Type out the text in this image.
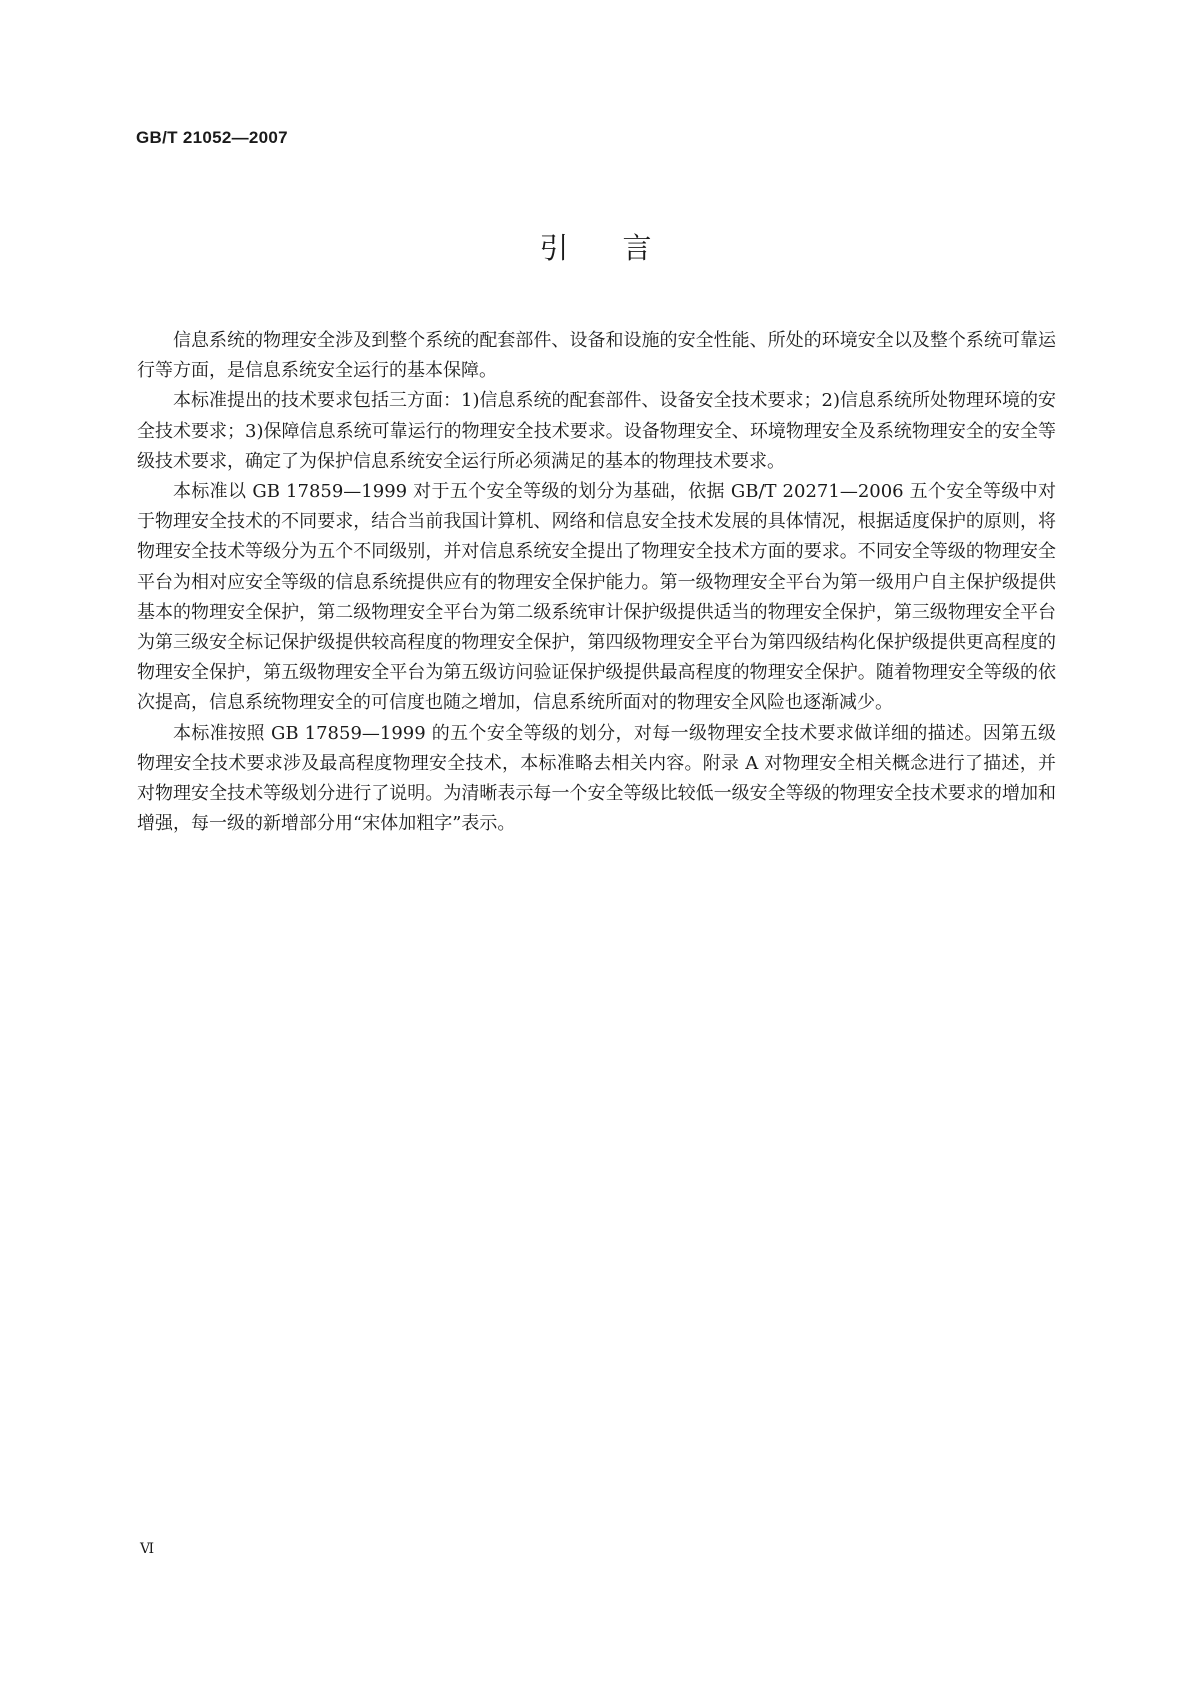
GB/T 21052—2007
引言

信息系统的物理安全涉及到整个系统的配套部件、设备和设施的安全性能、所处的环境安全以及整个系统可靠运行等方面，是信息系统安全运行的基本保障。

本标准提出的技术要求包括三方面：1)信息系统的配套部件、设备安全技术要求；2)信息系统所处物理环境的安全技术要求；3)保障信息系统可靠运行的物理安全技术要求。设备物理安全、环境物理安全及系统物理安全的安全等级技术要求，确定了为保护信息系统安全运行所必须满足的基本的物理技术要求。

本标准以 GB 17859—1999 对于五个安全等级的划分为基础，依据 GB/T 20271—2006 五个安全等级中对于物理安全技术的不同要求，结合当前我国计算机、网络和信息安全技术发展的具体情况，根据适度保护的原则，将物理安全技术等级分为五个不同级别，并对信息系统安全提出了物理安全技术方面的要求。不同安全等级的物理安全平台为相对应安全等级的信息系统提供应有的物理安全保护能力。第一级物理安全平台为第一级用户自主保护级提供基本的物理安全保护，第二级物理安全平台为第二级系统审计保护级提供适当的物理安全保护，第三级物理安全平台为第三级安全标记保护级提供较高程度的物理安全保护，第四级物理安全平台为第四级结构化保护级提供更高程度的物理安全保护，第五级物理安全平台为第五级访问验证保护级提供最高程度的物理安全保护。随着物理安全等级的依次提高，信息系统物理安全的可信度也随之增加，信息系统所面对的物理安全风险也逐渐减少。

本标准按照 GB 17859—1999 的五个安全等级的划分，对每一级物理安全技术要求做详细的描述。因第五级物理安全技术要求涉及最高程度物理安全技术，本标准略去相关内容。附录 A 对物理安全相关概念进行了描述，并对物理安全技术等级划分进行了说明。为清晰表示每一个安全等级比较低一级安全等级的物理安全技术要求的增加和增强，每一级的新增部分用“宋体加粗字”表示。

Ⅵ
